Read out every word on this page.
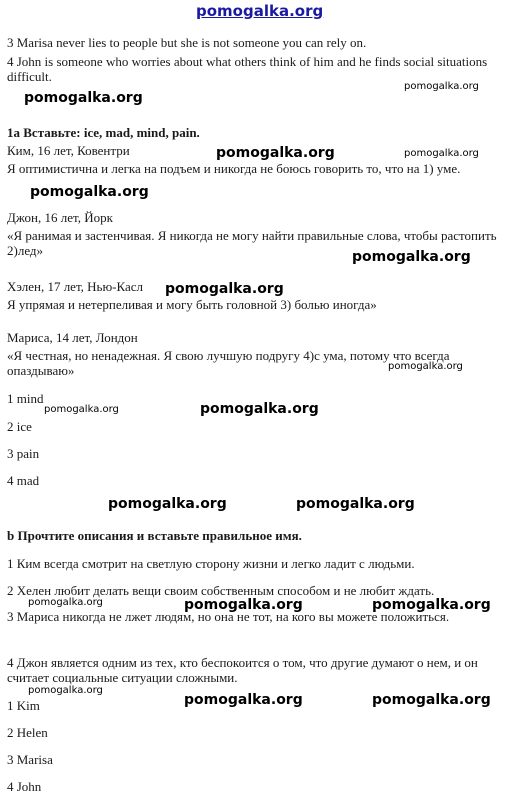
pomogalka.org
3 Marisa never lies to people but she is not someone you can rely on.
4 John is someone who worries about what others think of him and he finds social situations difficult.
pomogalka.org
pomogalka.org
1a Вставьте: ice, mad, mind, pain.
Ким, 16 лет, Ковентри	pomogalka.org	pomogalka.org
Я оптимистична и легка на подъем и никогда не боюсь говорить то, что на 1) уме.
pomogalka.org
Джон, 16 лет, Йорк
«Я ранимая и застенчивая. Я никогда не могу найти правильные слова, чтобы растопить 2)лед»	pomogalka.org
Хэлен, 17 лет, Нью-Касл pomogalka.org
Я упрямая и нетерпеливая и могу быть головной 3) болью иногда»
Мариса, 14 лет, Лондон
«Я честная, но ненадежная. Я свою лучшую подругу 4)с ума, потому что всегда опаздываю»	pomogalka.org
1 mind
pomogalka.org	pomogalka.org
2 ice
3 pain
4 mad
pomogalka.org	pomogalka.org
b Прочтите описания и вставьте правильное имя.
1 Ким всегда смотрит на светлую сторону жизни и легко ладит с людьми.
2 Хелен любит делать вещи своим собственным способом и не любит ждать.
pomogalka.org	pomogalka.org	pomogalka.org
3 Мариса никогда не лжет людям, но она не тот, на кого вы можете положиться.
4 Джон является одним из тех, кто беспокоится о том, что другие думают о нем, и он считает социальные ситуации сложными.
pomogalka.org
pomogalka.org	pomogalka.org
1 Kim
2 Helen
3 Marisa
4 John
